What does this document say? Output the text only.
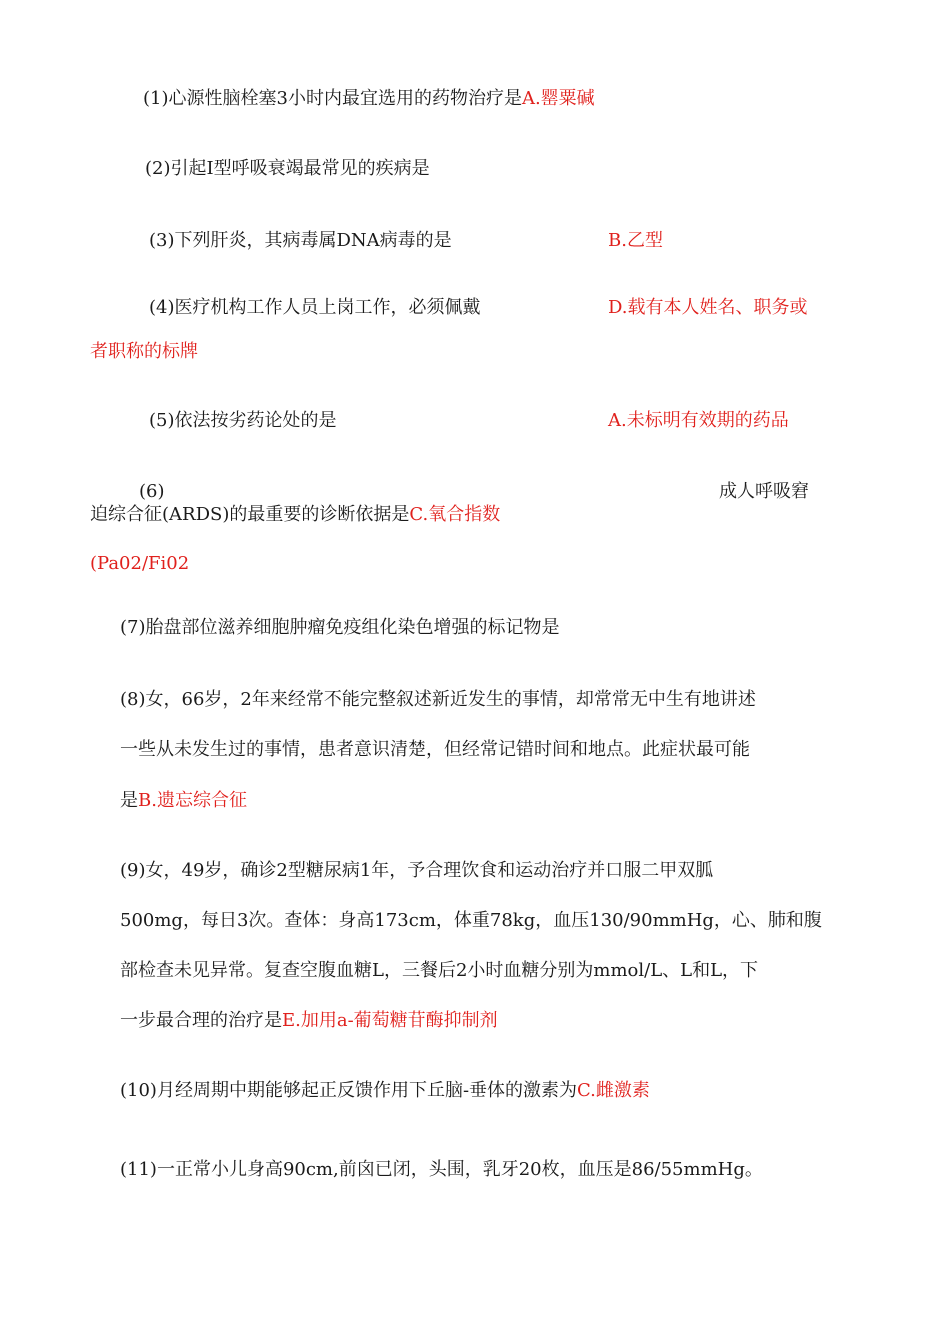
(1)心源性脑栓塞3小时内最宜选用的药物治疗是A.罂粟碱
(2)引起I型呼吸衰竭最常见的疾病是
(3)下列肝炎，其病毒属DNA病毒的是	B.乙型
(4)医疗机构工作人员上岗工作，必须佩戴	D.载有本人姓名、职务或
者职称的标牌
(5)依法按劣药论处的是	A.未标明有效期的药品
(6)	成人呼吸窘
迫综合征(ARDS)的最重要的诊断依据是C.氧合指数
(Pa02/Fi02
(7)胎盘部位滋养细胞肿瘤免疫组化染色增强的标记物是
(8)女，66岁，2年来经常不能完整叙述新近发生的事情，却常常无中生有地讲述
一些从未发生过的事情，患者意识清楚，但经常记错时间和地点。此症状最可能
是B.遗忘综合征
(9)女，49岁，确诊2型糖尿病1年，予合理饮食和运动治疗并口服二甲双胍
500mg，每日3次。查体：身高173cm，体重78kg，血压130/90mmHg，心、肺和腹
部检查未见异常。复查空腹血糖L，三餐后2小时血糖分别为mmol/L、L和L，下
一步最合理的治疗是E.加用a-葡萄糖苷酶抑制剂
(10)月经周期中期能够起正反馈作用下丘脑-垂体的激素为C.雌激素
(11)一正常小儿身高90cm,前囟已闭，头围，乳牙20枚，血压是86/55mmHg。
